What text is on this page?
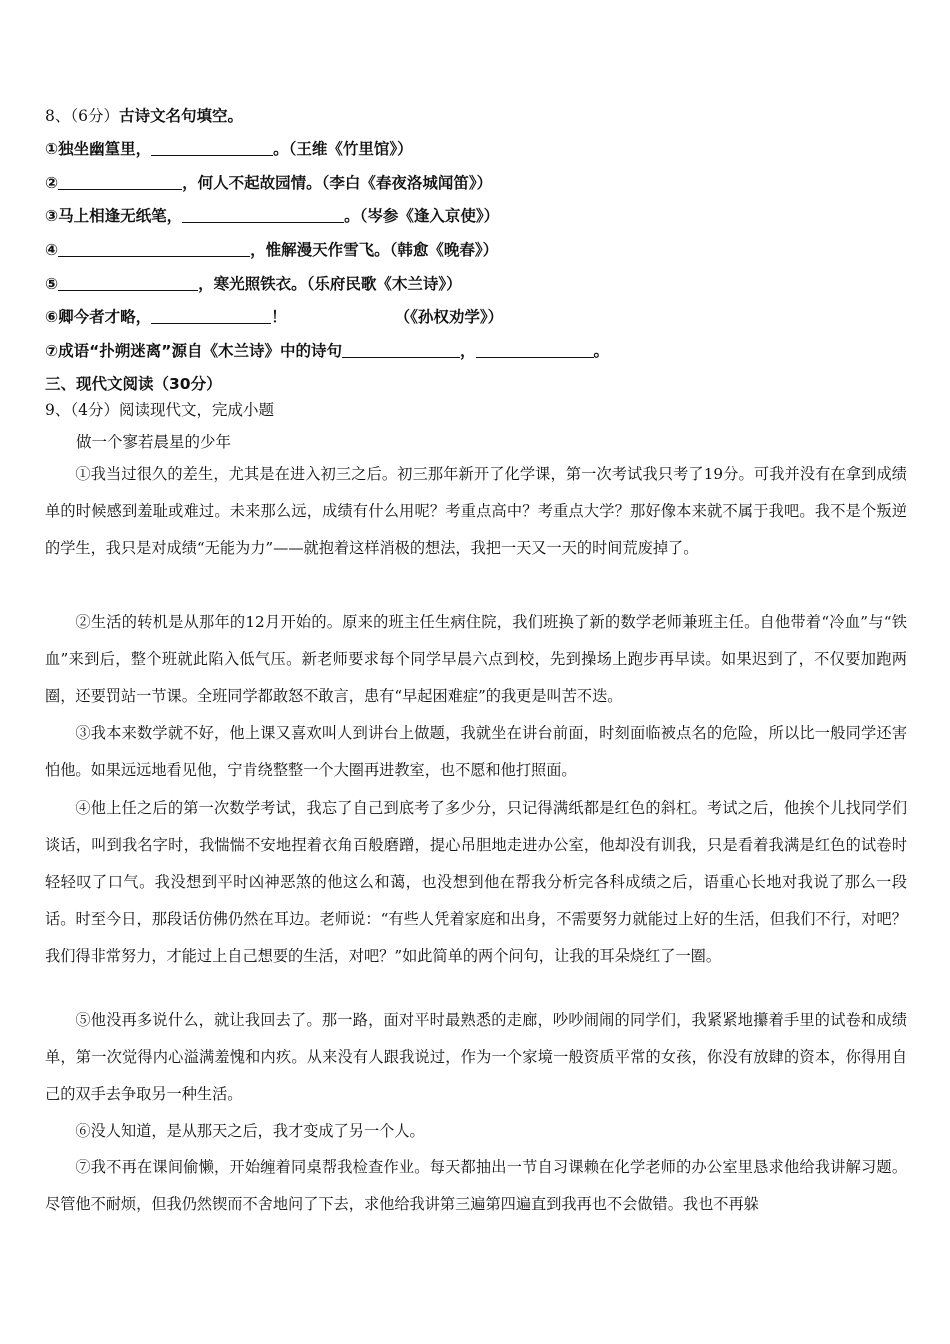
8、（6分）古诗文名句填空。
①独坐幽篁里，	。（王维《竹里馆》）
②	，何人不起故园情。（李白《春夜洛城闻笛》）
③马上相逢无纸笔，	。（岑参《逢入京使》）
④	，惟解漫天作雪飞。（韩愈《晚春》）
⑤	，寒光照铁衣。（乐府民歌《木兰诗》）
⑥卿今者才略，	！	（《孙权劝学》）
⑦成语“扑朔迷离”源自《木兰诗》中的诗句	，	。
三、现代文阅读（30分）
9、（4分）阅读现代文，完成小题
做一个寥若晨星的少年

①我当过很久的差生，尤其是在进入初三之后。初三那年新开了化学课，第一次考试我只考了19分。可我并没有在拿到成绩单的时候感到羞耻或难过。未来那么远，成绩有什么用呢？考重点高中？考重点大学？那好像本来就不属于我吧。我不是个叛逆的学生，我只是对成绩“无能为力”——就抱着这样消极的想法，我把一天又一天的时间荒废掉了。

②生活的转机是从那年的12月开始的。原来的班主任生病住院，我们班换了新的数学老师兼班主任。自他带着“冷血”与“铁血”来到后，整个班就此陷入低气压。新老师要求每个同学早晨六点到校，先到操场上跑步再早读。如果迟到了，不仅要加跑两圈，还要罚站一节课。全班同学都敢怒不敢言，患有“早起困难症”的我更是叫苦不迭。

③我本来数学就不好，他上课又喜欢叫人到讲台上做题，我就坐在讲台前面，时刻面临被点名的危险，所以比一般同学还害怕他。如果远远地看见他，宁肯绕整整一个大圈再进教室，也不愿和他打照面。

④他上任之后的第一次数学考试，我忘了自己到底考了多少分，只记得满纸都是红色的斜杠。考试之后，他挨个儿找同学们谈话，叫到我名字时，我惴惴不安地捏着衣角百般磨蹭，提心吊胆地走进办公室，他却没有训我，只是看着我满是红色的试卷时轻轻叹了口气。我没想到平时凶神恶煞的他这么和蔼，也没想到他在帮我分析完各科成绩之后，语重心长地对我说了那么一段话。时至今日，那段话仿佛仍然在耳边。老师说：“有些人凭着家庭和出身，不需要努力就能过上好的生活，但我们不行，对吧？我们得非常努力，才能过上自己想要的生活，对吧？”如此简单的两个问句，让我的耳朵烧红了一圈。

⑤他没再多说什么，就让我回去了。那一路，面对平时最熟悉的走廊，吵吵闹闹的同学们，我紧紧地攥着手里的试卷和成绩单，第一次觉得内心溢满羞愧和内疚。从来没有人跟我说过，作为一个家境一般资质平常的女孩，你没有放肆的资本，你得用自己的双手去争取另一种生活。

⑥没人知道，是从那天之后，我才变成了另一个人。

⑦我不再在课间偷懒，开始缠着同桌帮我检查作业。每天都抽出一节自习课赖在化学老师的办公室里恳求他给我讲解习题。尽管他不耐烦，但我仍然锲而不舍地问了下去，求他给我讲第三遍第四遍直到我再也不会做错。我也不再躲
